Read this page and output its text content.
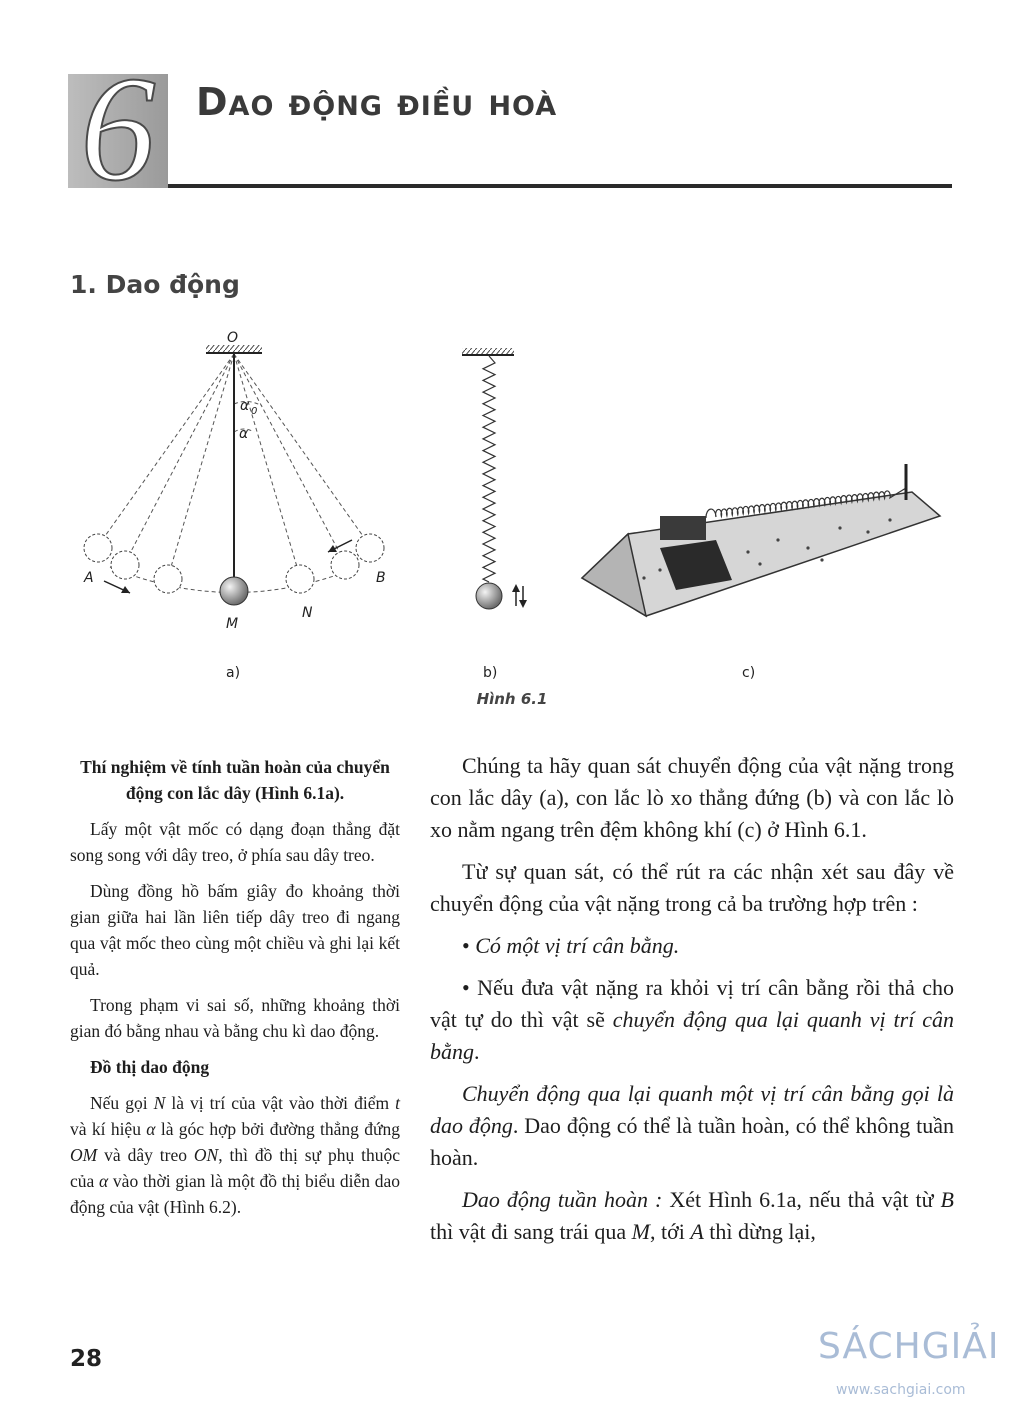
6	Dao động điều hoà
1. Dao động
O
α 0
α
A	B
M
N
a)	b)	c)
Hình 6.1

Thí nghiệm về tính tuần hoàn của chuyển động con lắc dây (Hình 6.1a).

Lấy một vật mốc có dạng đoạn thẳng đặt song song với dây treo, ở phía sau dây treo.

Dùng đồng hồ bấm giây đo khoảng thời gian giữa hai lần liên tiếp dây treo đi ngang qua vật mốc theo cùng một chiều và ghi lại kết quả.

Trong phạm vi sai số, những khoảng thời gian đó bằng nhau và bằng chu kì dao động.

Đồ thị dao động

Nếu gọi N là vị trí của vật vào thời điểm t và kí hiệu α là góc hợp bởi đường thẳng đứng OM và dây treo ON, thì đồ thị sự phụ thuộc của α vào thời gian là một đồ thị biểu diễn dao động của vật (Hình 6.2).

Chúng ta hãy quan sát chuyển động của vật nặng trong con lắc dây (a), con lắc lò xo thẳng đứng (b) và con lắc lò xo nằm ngang trên đệm không khí (c) ở Hình 6.1.

Từ sự quan sát, có thể rút ra các nhận xét sau đây về chuyển động của vật nặng trong cả ba trường hợp trên :

• Có một vị trí cân bằng.

• Nếu đưa vật nặng ra khỏi vị trí cân bằng rồi thả cho vật tự do thì vật sẽ chuyển động qua lại quanh vị trí cân bằng.

Chuyển động qua lại quanh một vị trí cân bằng gọi là dao động. Dao động có thể là tuần hoàn, có thể không tuần hoàn.

Dao động tuần hoàn : Xét Hình 6.1a, nếu thả vật từ B thì vật đi sang trái qua M, tới A thì dừng lại,

28	SÁCHGIẢI
www.sachgiai.com
